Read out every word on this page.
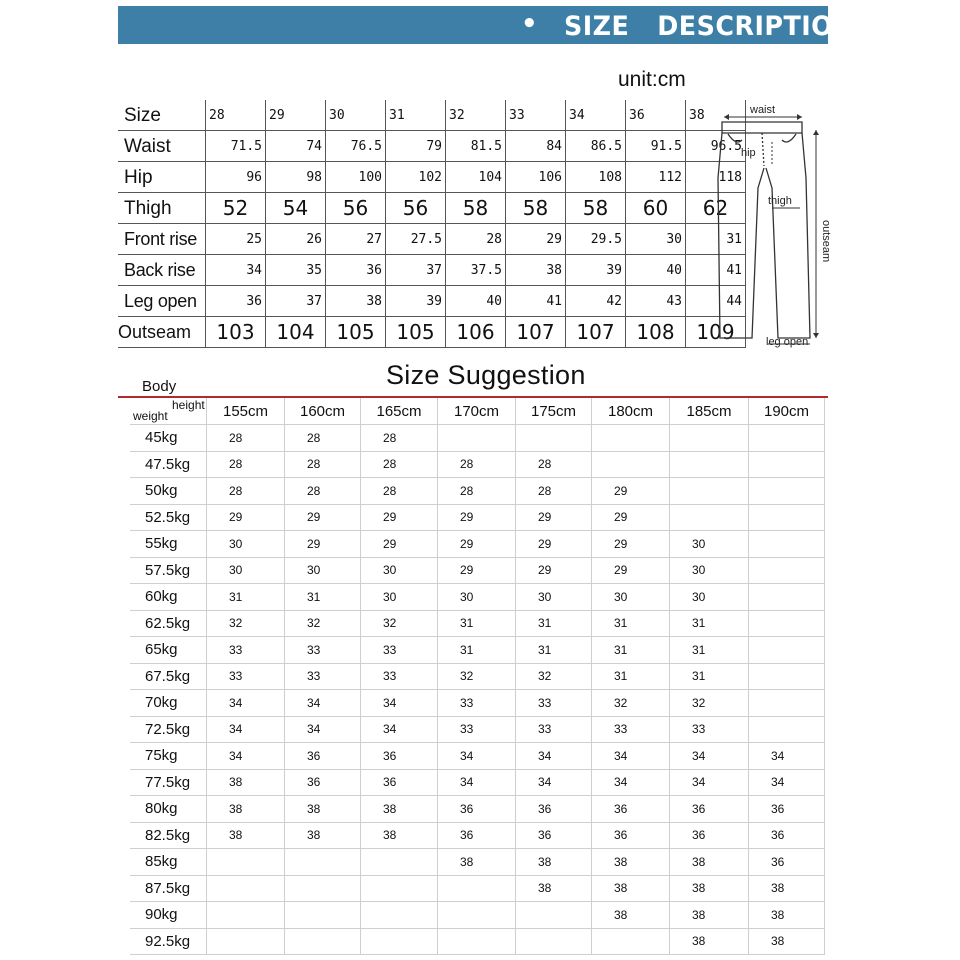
• SIZE   DESCRIPTION
unit:cm
Size	28	29	30	31	32	33	34	36	38
Waist	71.5	74	76.5	79	81.5	84	86.5	91.5	96.5
Hip	96	98	100	102	104	106	108	112	118
Thigh	52	54	56	56	58	58	58	60	62
Front rise	25	26	27	27.5	28	29	29.5	30	31
Back rise	34	35	36	37	37.5	38	39	40	41
Leg open	36	37	38	39	40	41	42	43	44
Outseam	103	104	105	105	106	107	107	108	109
waist
hip
thigh
outseam
leg open
Size Suggestion
Body
height
weight	155cm	160cm	165cm	170cm	175cm	180cm	185cm	190cm
45kg	28	28	28					
47.5kg	28	28	28	28	28			
50kg	28	28	28	28	28	29		
52.5kg	29	29	29	29	29	29		
55kg	30	29	29	29	29	29	30	
57.5kg	30	30	30	29	29	29	30	
60kg	31	31	30	30	30	30	30	
62.5kg	32	32	32	31	31	31	31	
65kg	33	33	33	31	31	31	31	
67.5kg	33	33	33	32	32	31	31	
70kg	34	34	34	33	33	32	32	
72.5kg	34	34	34	33	33	33	33	
75kg	34	36	36	34	34	34	34	34
77.5kg	38	36	36	34	34	34	34	34
80kg	38	38	38	36	36	36	36	36
82.5kg	38	38	38	36	36	36	36	36
85kg				38	38	38	38	36
87.5kg					38	38	38	38
90kg						38	38	38
92.5kg							38	38
